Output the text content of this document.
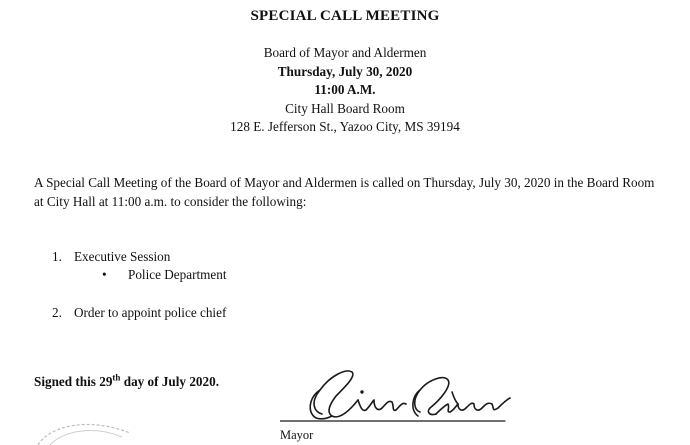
SPECIAL CALL MEETING
Board of Mayor and Aldermen
Thursday, July 30, 2020
11:00 A.M.
City Hall Board Room
128 E. Jefferson St., Yazoo City, MS 39194
A Special Call Meeting of the Board of Mayor and Aldermen is called on Thursday, July 30, 2020 in the Board Room at City Hall at 11:00 a.m. to consider the following:
1. Executive Session
• Police Department
2. Order to appoint police chief
Signed this 29th day of July 2020.
Mayor
